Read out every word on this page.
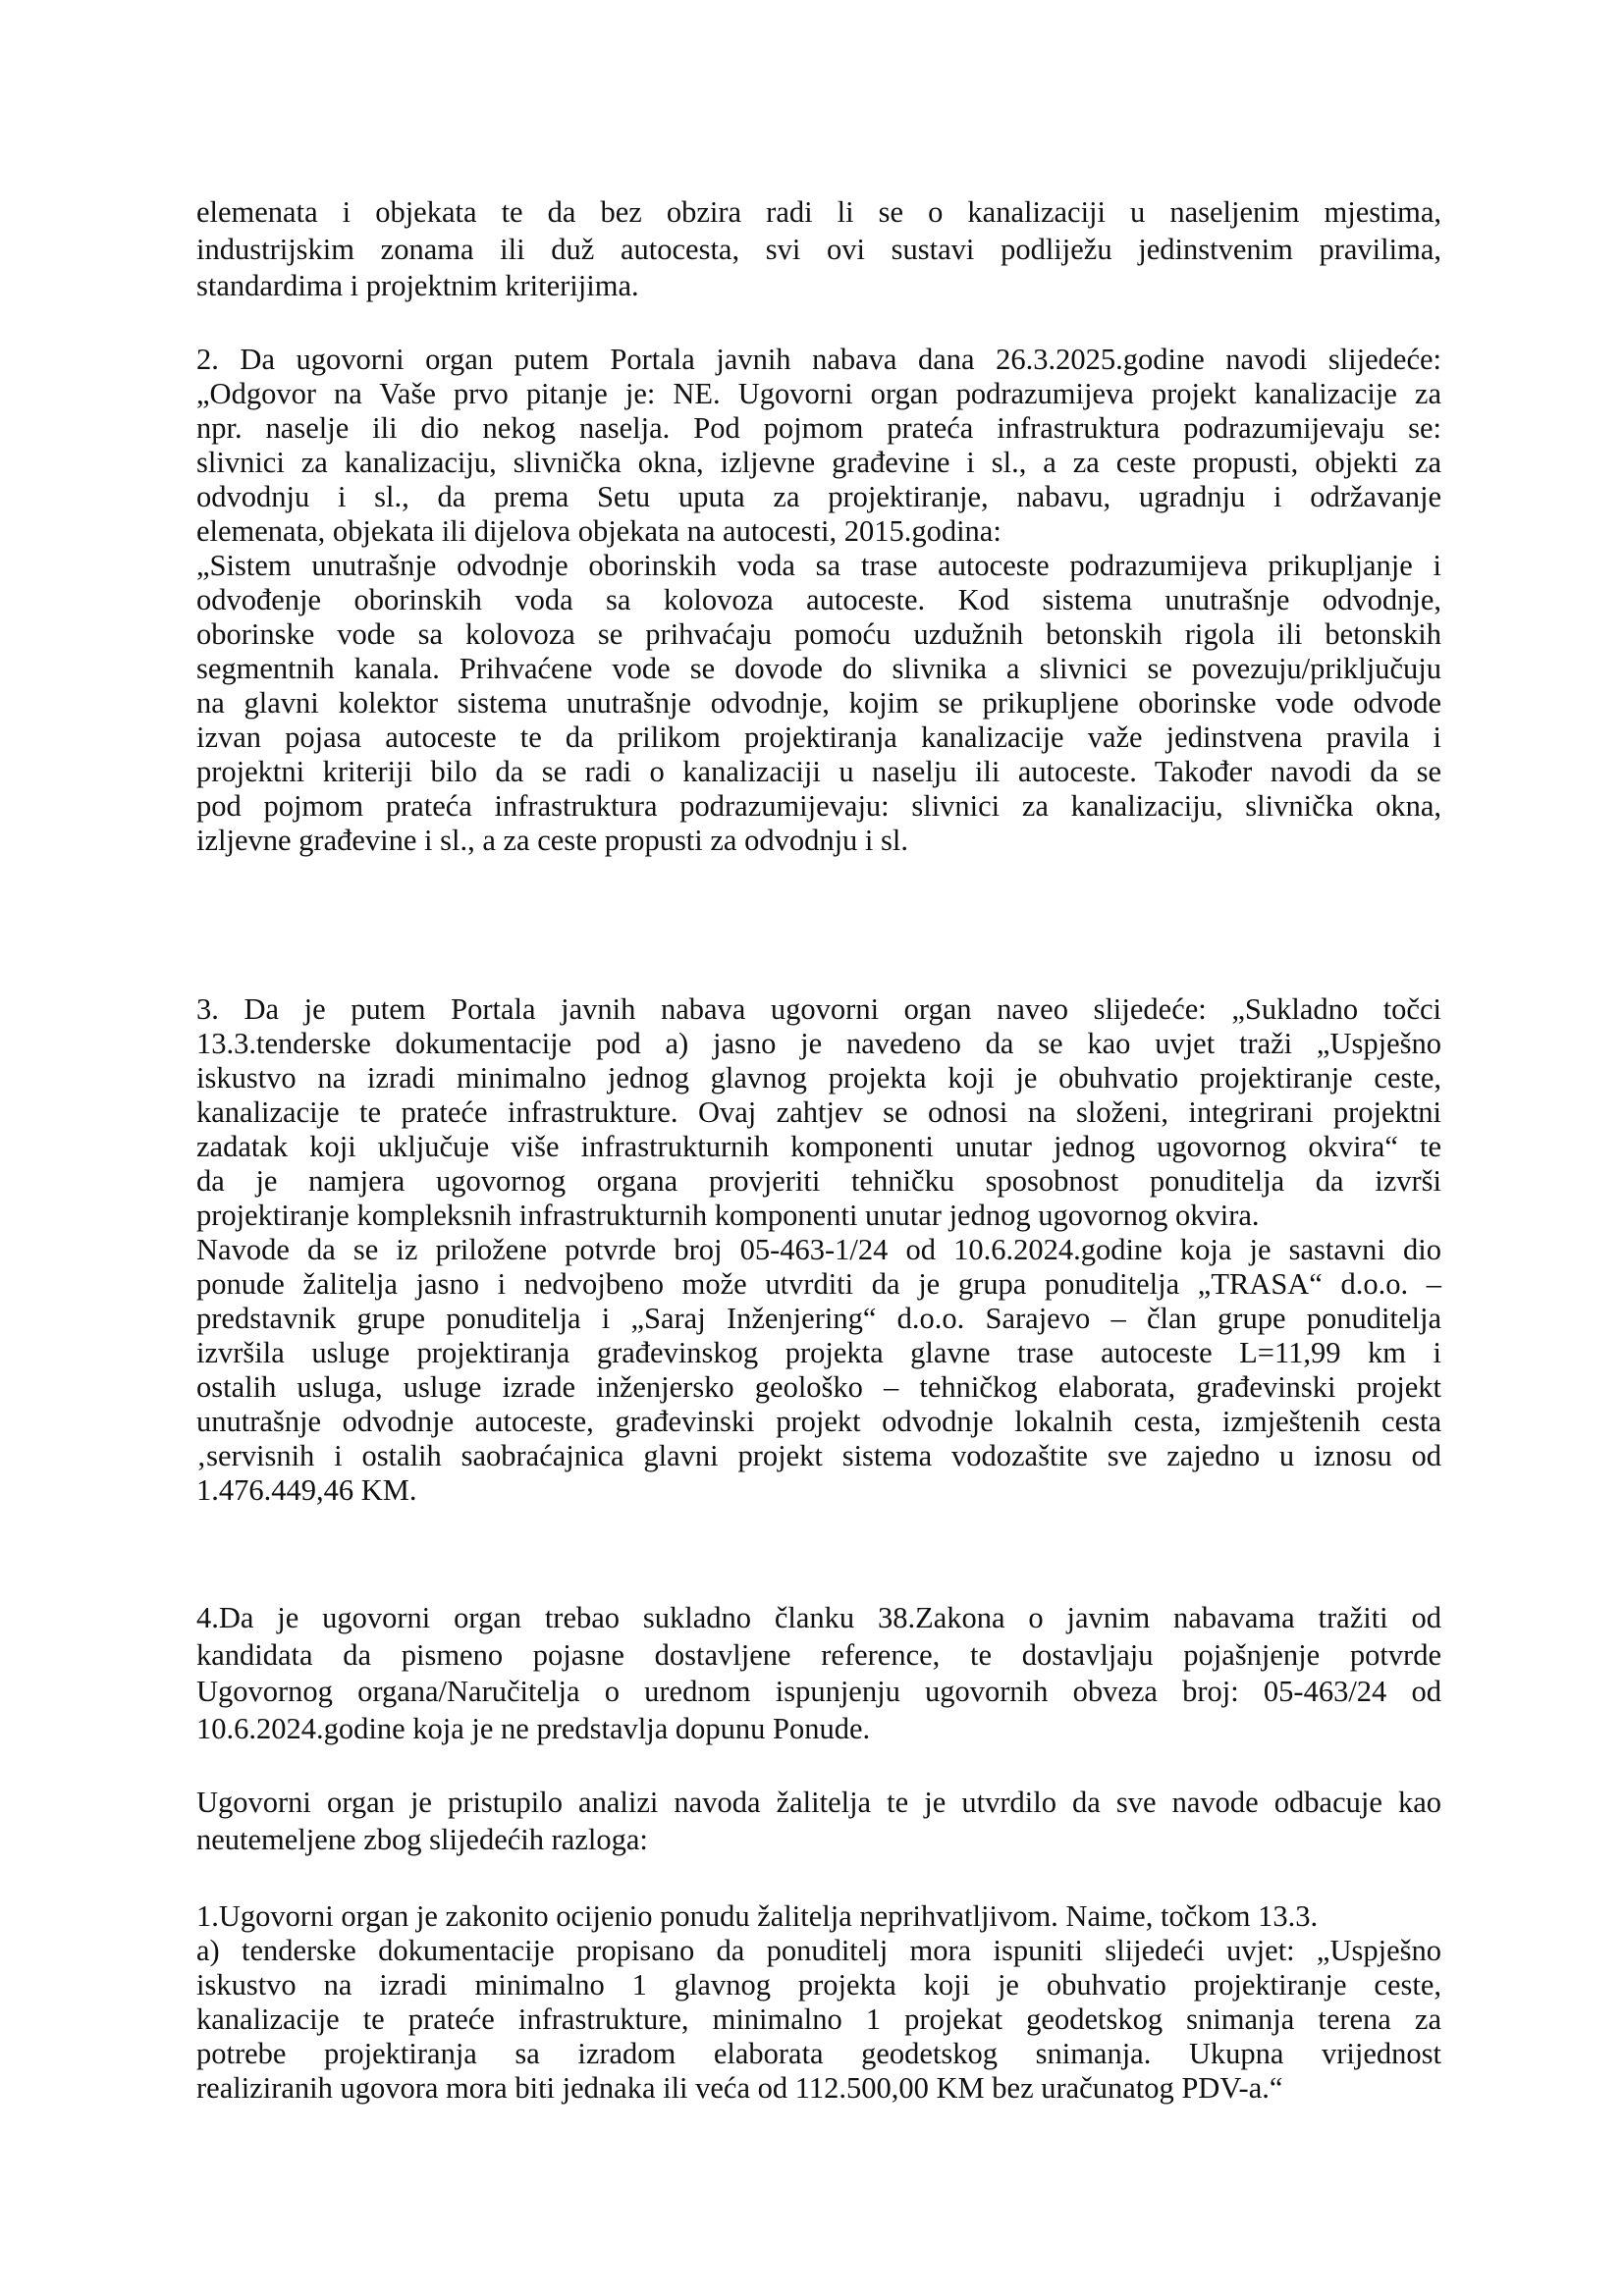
elemenata i objekata te da bez obzira radi li se o kanalizaciji u naseljenim mjestima,
industrijskim zonama ili duž autocesta, svi ovi sustavi podliježu jedinstvenim pravilima,
standardima i projektnim kriterijima.
2. Da ugovorni organ putem Portala javnih nabava dana 26.3.2025.godine navodi slijedeće:
„Odgovor na Vaše prvo pitanje je: NE. Ugovorni organ podrazumijeva projekt kanalizacije za
npr. naselje ili dio nekog naselja. Pod pojmom prateća infrastruktura podrazumijevaju se:
slivnici za kanalizaciju, slivnička okna, izljevne građevine i sl., a za ceste propusti, objekti za
odvodnju i sl., da prema Setu uputa za projektiranje, nabavu, ugradnju i održavanje
elemenata, objekata ili dijelova objekata na autocesti, 2015.godina:
„Sistem unutrašnje odvodnje oborinskih voda sa trase autoceste podrazumijeva prikupljanje i
odvođenje oborinskih voda sa kolovoza autoceste. Kod sistema unutrašnje odvodnje,
oborinske vode sa kolovoza se prihvaćaju pomoću uzdužnih betonskih rigola ili betonskih
segmentnih kanala. Prihvaćene vode se dovode do slivnika a slivnici se povezuju/priključuju
na glavni kolektor sistema unutrašnje odvodnje, kojim se prikupljene oborinske vode odvode
izvan pojasa autoceste te da prilikom projektiranja kanalizacije važe jedinstvena pravila i
projektni kriteriji bilo da se radi o kanalizaciji u naselju ili autoceste. Također navodi da se
pod pojmom prateća infrastruktura podrazumijevaju: slivnici za kanalizaciju, slivnička okna,
izljevne građevine i sl., a za ceste propusti za odvodnju i sl.
3. Da je putem Portala javnih nabava ugovorni organ naveo slijedeće: „Sukladno točci
13.3.tenderske dokumentacije pod a) jasno je navedeno da se kao uvjet traži „Uspješno
iskustvo na izradi minimalno jednog glavnog projekta koji je obuhvatio projektiranje ceste,
kanalizacije te prateće infrastrukture. Ovaj zahtjev se odnosi na složeni, integrirani projektni
zadatak koji uključuje više infrastrukturnih komponenti unutar jednog ugovornog okvira“ te
da je namjera ugovornog organa provjeriti tehničku sposobnost ponuditelja da izvrši
projektiranje kompleksnih infrastrukturnih komponenti unutar jednog ugovornog okvira.
Navode da se iz priložene potvrde broj 05-463-1/24 od 10.6.2024.godine koja je sastavni dio
ponude žalitelja jasno i nedvojbeno može utvrditi da je grupa ponuditelja „TRASA“ d.o.o. –
predstavnik grupe ponuditelja i „Saraj Inženjering“ d.o.o. Sarajevo – član grupe ponuditelja
izvršila usluge projektiranja građevinskog projekta glavne trase autoceste L=11,99 km i
ostalih usluga, usluge izrade inženjersko geološko – tehničkog elaborata, građevinski projekt
unutrašnje odvodnje autoceste, građevinski projekt odvodnje lokalnih cesta, izmještenih cesta
‚servisnih i ostalih saobraćajnica glavni projekt sistema vodozaštite sve zajedno u iznosu od
1.476.449,46 KM.
4.Da je ugovorni organ trebao sukladno članku 38.Zakona o javnim nabavama tražiti od
kandidata da pismeno pojasne dostavljene reference, te dostavljaju pojašnjenje potvrde
Ugovornog organa/Naručitelja o urednom ispunjenju ugovornih obveza broj: 05-463/24 od
10.6.2024.godine koja je ne predstavlja dopunu Ponude.
Ugovorni organ je pristupilo analizi navoda žalitelja te je utvrdilo da sve navode odbacuje kao
neutemeljene zbog slijedećih razloga:
1.Ugovorni organ je zakonito ocijenio ponudu žalitelja neprihvatljivom. Naime, točkom 13.3.
a) tenderske dokumentacije propisano da ponuditelj mora ispuniti slijedeći uvjet: „Uspješno
iskustvo na izradi minimalno 1 glavnog projekta koji je obuhvatio projektiranje ceste,
kanalizacije te prateće infrastrukture, minimalno 1 projekat geodetskog snimanja terena za
potrebe projektiranja sa izradom elaborata geodetskog snimanja. Ukupna vrijednost
realiziranih ugovora mora biti jednaka ili veća od 112.500,00 KM bez uračunatog PDV-a.“
